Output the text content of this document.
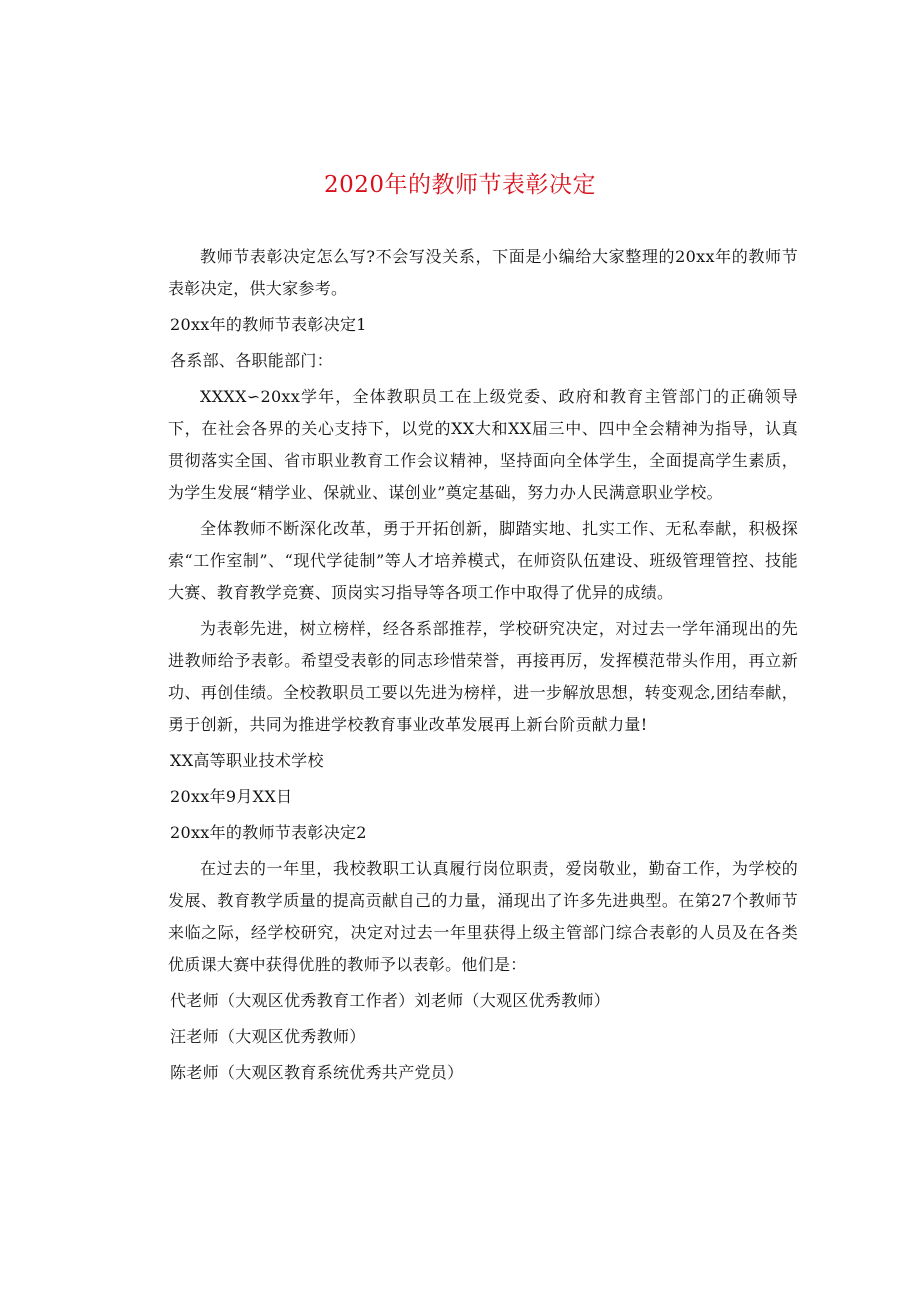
2020年的教师节表彰决定

教师节表彰决定怎么写?不会写没关系，下面是小编给大家整理的20xx年的教师节表彰决定，供大家参考。

20xx年的教师节表彰决定1

各系部、各职能部门：

XXXX∽20xx学年，全体教职员工在上级党委、政府和教育主管部门的正确领导下，在社会各界的关心支持下，以党的XX大和XX届三中、四中全会精神为指导，认真贯彻落实全国、省市职业教育工作会议精神，坚持面向全体学生，全面提高学生素质，为学生发展“精学业、保就业、谋创业”奠定基础，努力办人民满意职业学校。

全体教师不断深化改革，勇于开拓创新，脚踏实地、扎实工作、无私奉献，积极探索“工作室制”、“现代学徒制”等人才培养模式，在师资队伍建设、班级管理管控、技能大赛、教育教学竞赛、顶岗实习指导等各项工作中取得了优异的成绩。

为表彰先进，树立榜样，经各系部推荐，学校研究决定，对过去一学年涌现出的先进教师给予表彰。希望受表彰的同志珍惜荣誉，再接再厉，发挥模范带头作用，再立新功、再创佳绩。全校教职员工要以先进为榜样，进一步解放思想，转变观念,团结奉献，勇于创新，共同为推进学校教育事业改革发展再上新台阶贡献力量!

XX高等职业技术学校

20xx年9月XX日

20xx年的教师节表彰决定2

在过去的一年里，我校教职工认真履行岗位职责，爱岗敬业，勤奋工作，为学校的发展、教育教学质量的提高贡献自己的力量，涌现出了许多先进典型。在第27个教师节来临之际，经学校研究，决定对过去一年里获得上级主管部门综合表彰的人员及在各类优质课大赛中获得优胜的教师予以表彰。他们是：

代老师（大观区优秀教育工作者）刘老师（大观区优秀教师）

汪老师（大观区优秀教师）

陈老师（大观区教育系统优秀共产党员）
